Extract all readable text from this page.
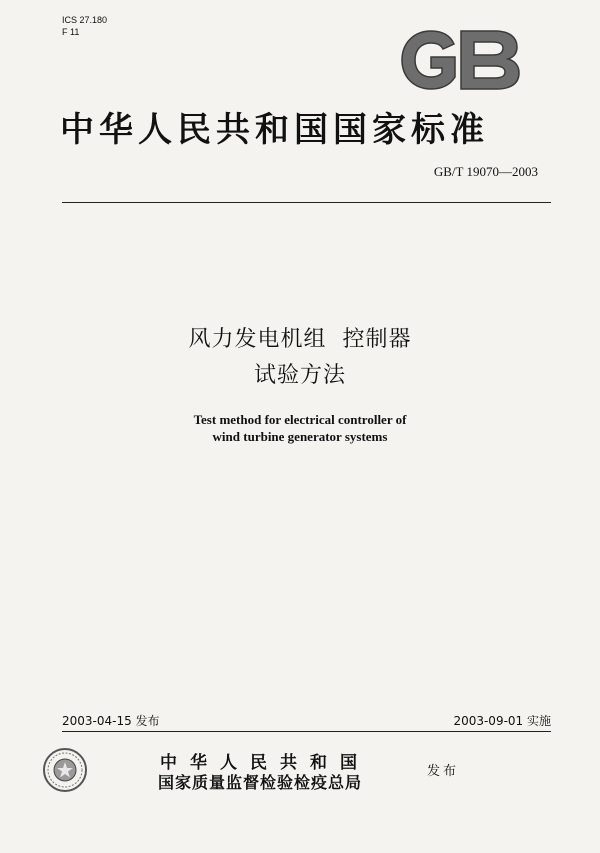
ICS 27.180
F 11
中华人民共和国国家标准
GB/T 19070—2003
风力发电机组  控制器
试验方法
Test method for electrical controller of
wind turbine generator systems
2003-04-15 发布	2003-09-01 实施
中华人民共和国
国家质量监督检验检疫总局
发布
